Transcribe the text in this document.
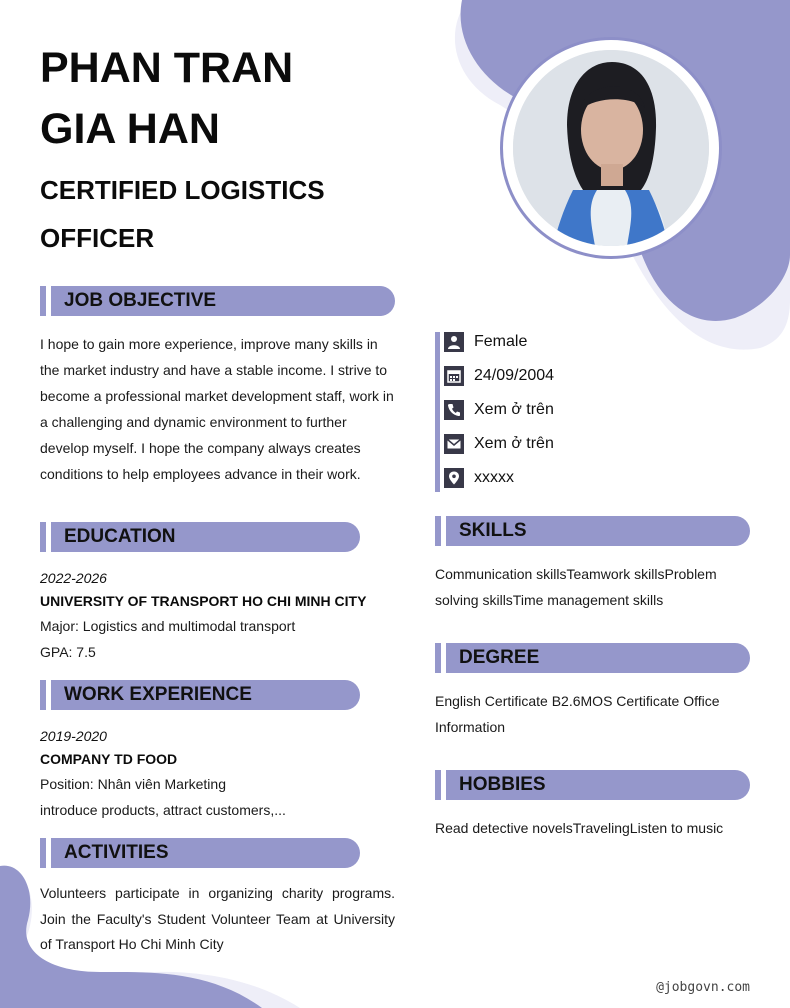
PHAN TRAN
GIA HAN
CERTIFIED LOGISTICS
OFFICER
JOB OBJECTIVE

I hope to gain more experience, improve many skills in the market industry and have a stable income. I strive to become a professional market development staff, work in a challenging and dynamic environment to further develop myself. I hope the company always creates conditions to help employees advance in their work.

EDUCATION
2022-2026
UNIVERSITY OF TRANSPORT HO CHI MINH CITY
Major: Logistics and multimodal transport
GPA: 7.5
WORK EXPERIENCE
2019-2020
COMPANY TD FOOD
Position: Nhân viên Marketing
introduce products, attract customers,...
ACTIVITIES

Volunteers participate in organizing charity programs. Join the Faculty's Student Volunteer Team at University of Transport Ho Chi Minh City

Female
24/09/2004
Xem ở trên
Xem ở trên
xxxxx
SKILLS

Communication skillsTeamwork skillsProblem solving skillsTime management skills

DEGREE

English Certificate B2.6MOS Certificate Office Information

HOBBIES

Read detective novelsTravelingListen to music

@jobgovn.com
